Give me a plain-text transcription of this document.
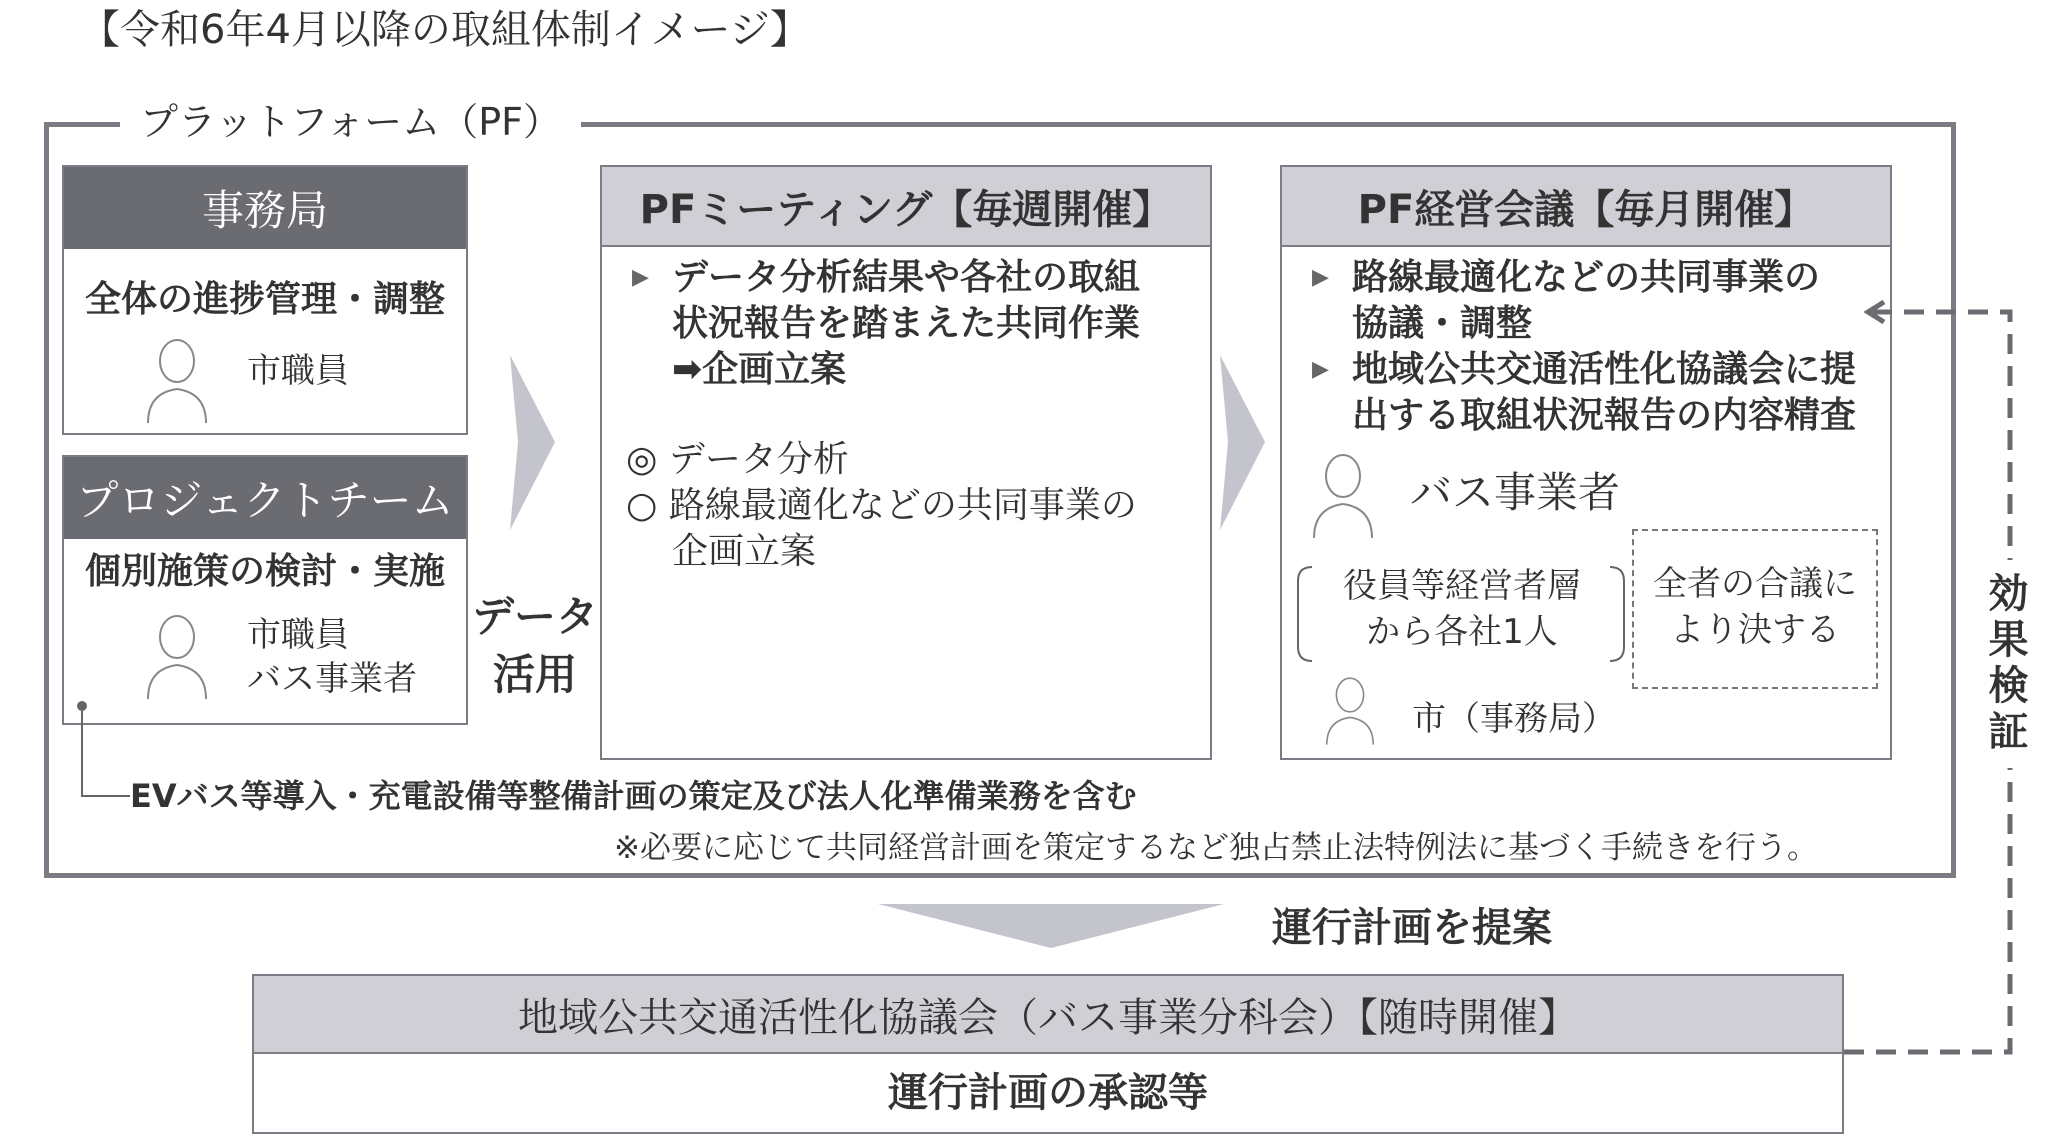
【令和6年4月以降の取組体制イメージ】
プラットフォーム（PF）
事務局
全体の進捗管理・調整
市職員
プロジェクトチーム
個別施策の検討・実施
市職員
バス事業者
データ
活用
PFミーティング【毎週開催】
▶ データ分析結果や各社の取組
状況報告を踏まえた共同作業
➡企画立案
◎ データ分析
○ 路線最適化などの共同事業の
企画立案
PF経営会議【毎月開催】
▶ 路線最適化などの共同事業の
協議・調整
▶ 地域公共交通活性化協議会に提
出する取組状況報告の内容精査
バス事業者
役員等経営者層
から各社1人
全者の合議に
より決する
市（事務局）
EVバス等導入・充電設備等整備計画の策定及び法人化準備業務を含む
※必要に応じて共同経営計画を策定するなど独占禁止法特例法に基づく手続きを行う。
運行計画を提案
地域公共交通活性化協議会（バス事業分科会）【随時開催】
運行計画の承認等
効果検証
